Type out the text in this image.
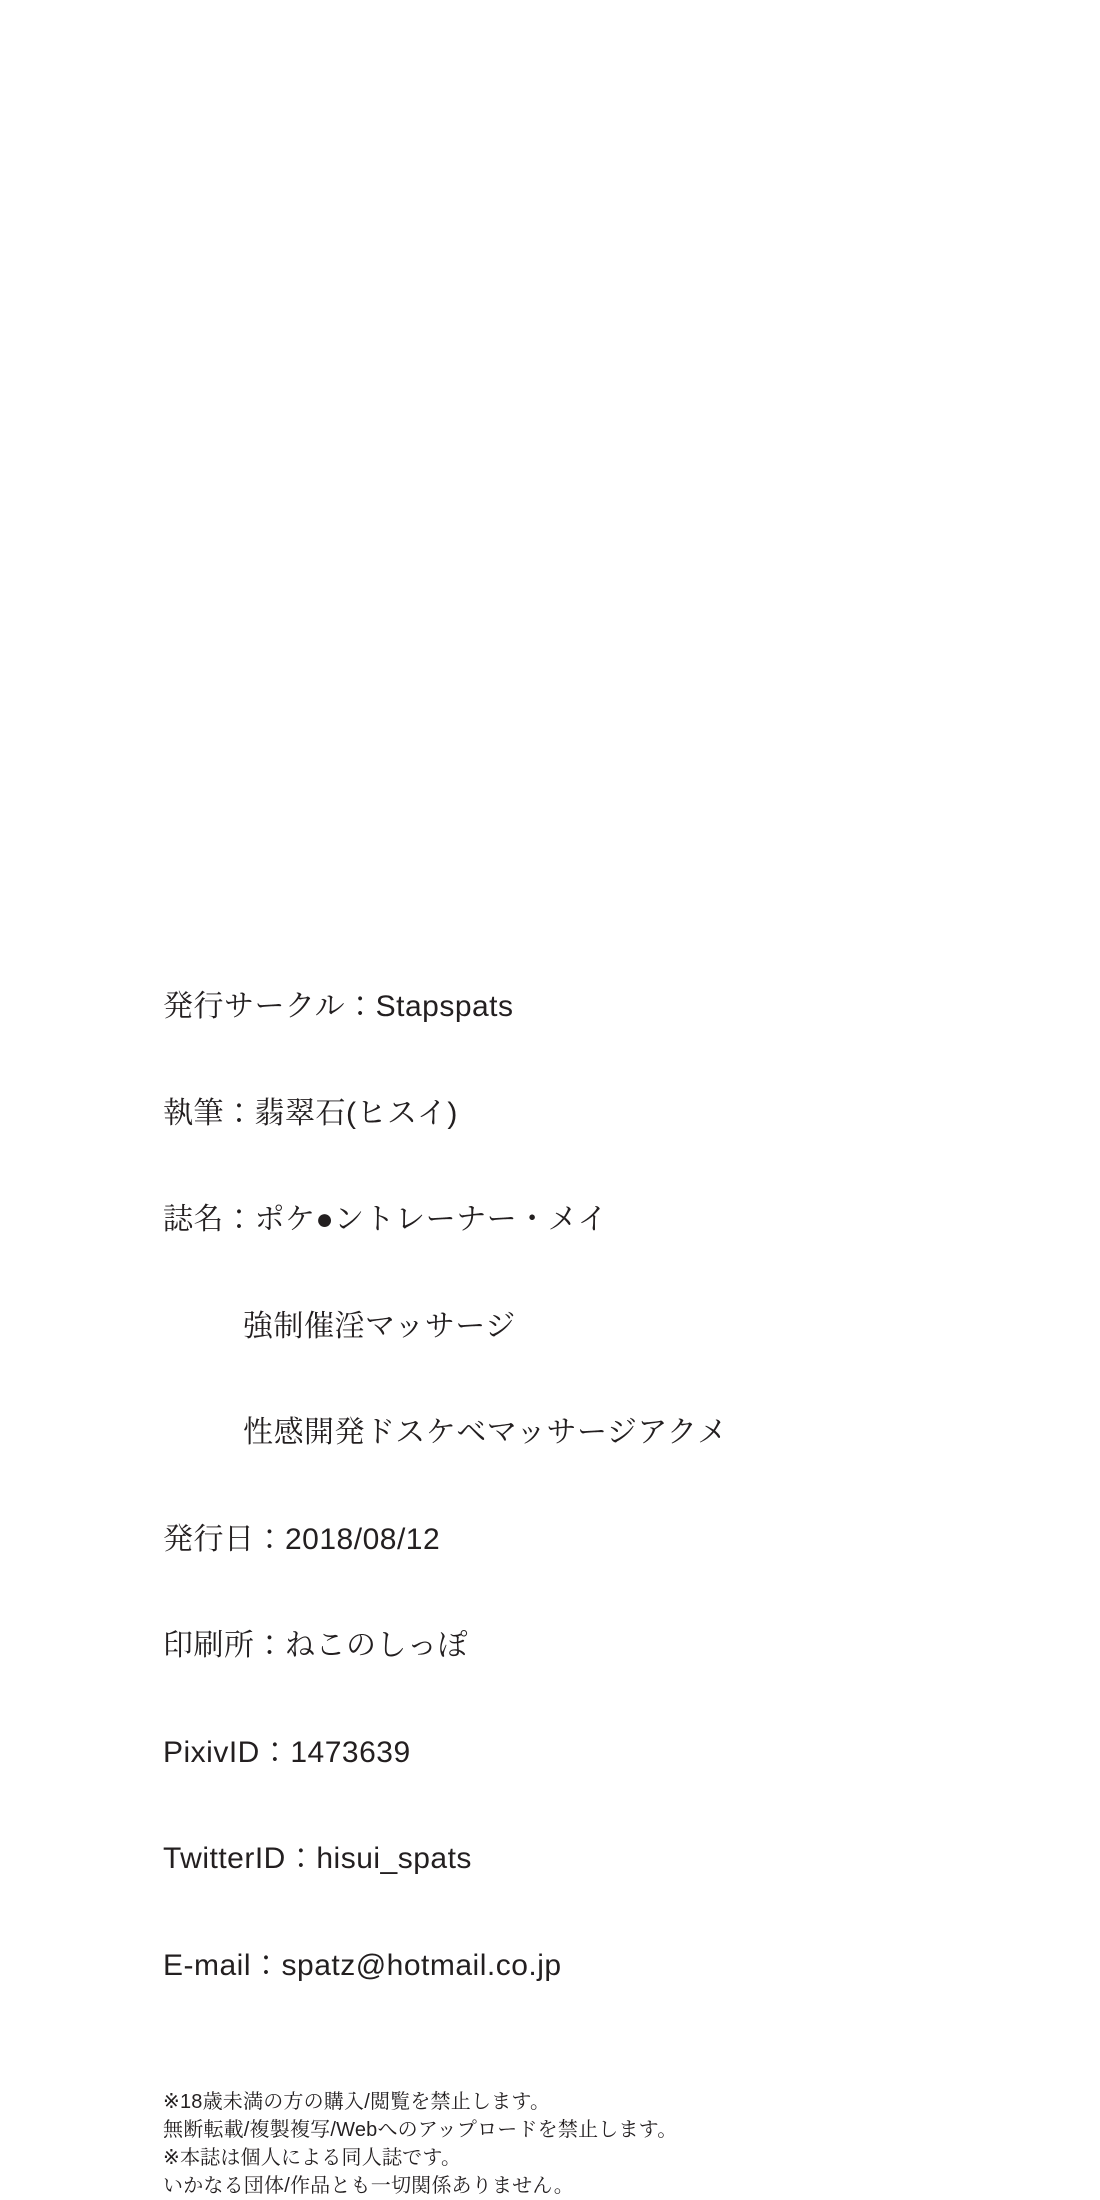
発行サークル：Stapspats

執筆：翡翠石(ヒスイ)

誌名：ポケ●ントレーナー・メイ

強制催淫マッサージ

性感開発ドスケベマッサージアクメ

発行日：2018/08/12

印刷所：ねこのしっぽ

PixivID：1473639

TwitterID：hisui_spats

E-mail：spatz@hotmail.co.jp

※18歳未満の方の購入/閲覧を禁止します。
無断転載/複製複写/Webへのアップロードを禁止します。
※本誌は個人による同人誌です。
いかなる団体/作品とも一切関係ありません。
